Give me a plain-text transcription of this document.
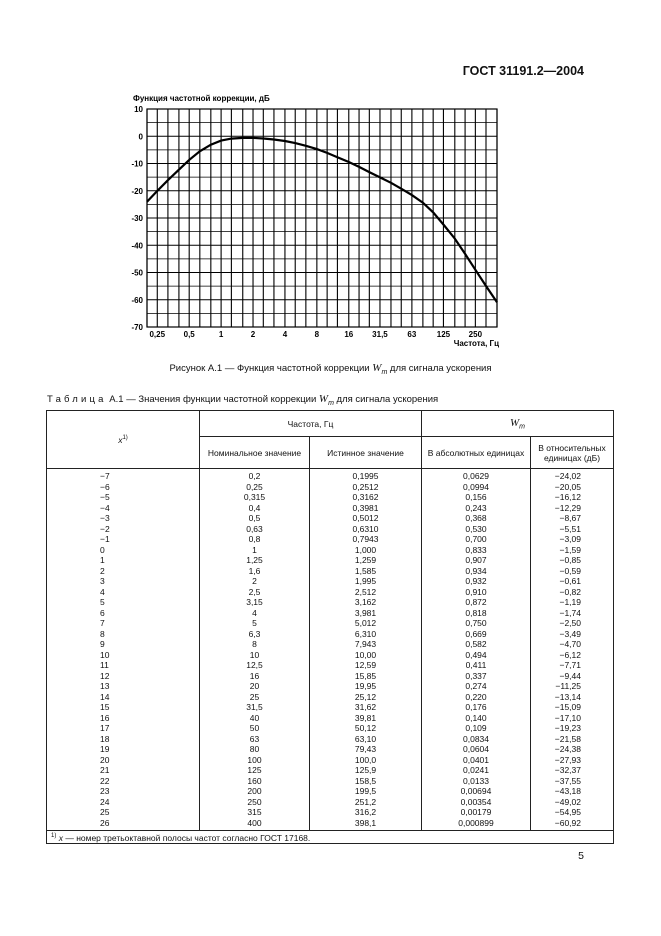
ГОСТ 31191.2—2004
Функция частотной коррекции, дБ
10
0
-10
-20
-30
-40
-50
-60
-70
0,25 0,5	1	2	4	8	16 31,5 63	125 250
Частота, Гц
Рисунок А.1 — Функция частотной коррекции $W_m$ для сигнала ускорения
Таблица А.1 — Значения функции частотной коррекции $W_m$ для сигнала ускорения
$x^{1)}$	Частота, Гц		$W_m$
	Номинальное значение	Истинное значение	В абсолютных единицах	В относительных единицах (дБ)
−7	0,2	0,1995	0,0629	−24,02
−6	0,25	0,2512	0,0994	−20,05
−5	0,315	0,3162	0,156	−16,12
−4	0,4	0,3981	0,243	−12,29
−3	0,5	0,5012	0,368	−8,67
−2	0,63	0,6310	0,530	−5,51
−1	0,8	0,7943	0,700	−3,09
0	1	1,000	0,833	−1,59
1	1,25	1,259	0,907	−0,85
2	1,6	1,585	0,934	−0,59
3	2	1,995	0,932	−0,61
4	2,5	2,512	0,910	−0,82
5	3,15	3,162	0,872	−1,19
6	4	3,981	0,818	−1,74
7	5	5,012	0,750	−2,50
8	6,3	6,310	0,669	−3,49
9	8	7,943	0,582	−4,70
10	10	10,00	0,494	−6,12
11	12,5	12,59	0,411	−7,71
12	16	15,85	0,337	−9,44
13	20	19,95	0,274	−11,25
14	25	25,12	0,220	−13,14
15	31,5	31,62	0,176	−15,09
16	40	39,81	0,140	−17,10
17	50	50,12	0,109	−19,23
18	63	63,10	0,0834	−21,58
19	80	79,43	0,0604	−24,38
20	100	100,0	0,0401	−27,93
21	125	125,9	0,0241	−32,37
22	160	158,5	0,0133	−37,55
23	200	199,5	0,00694	−43,18
24	250	251,2	0,00354	−49,02
25	315	316,2	0,00179	−54,95
26	400	398,1	0,000899	−60,92
$^{1)}$ x — номер третьоктавной полосы частот согласно ГОСТ 17168.				
5
